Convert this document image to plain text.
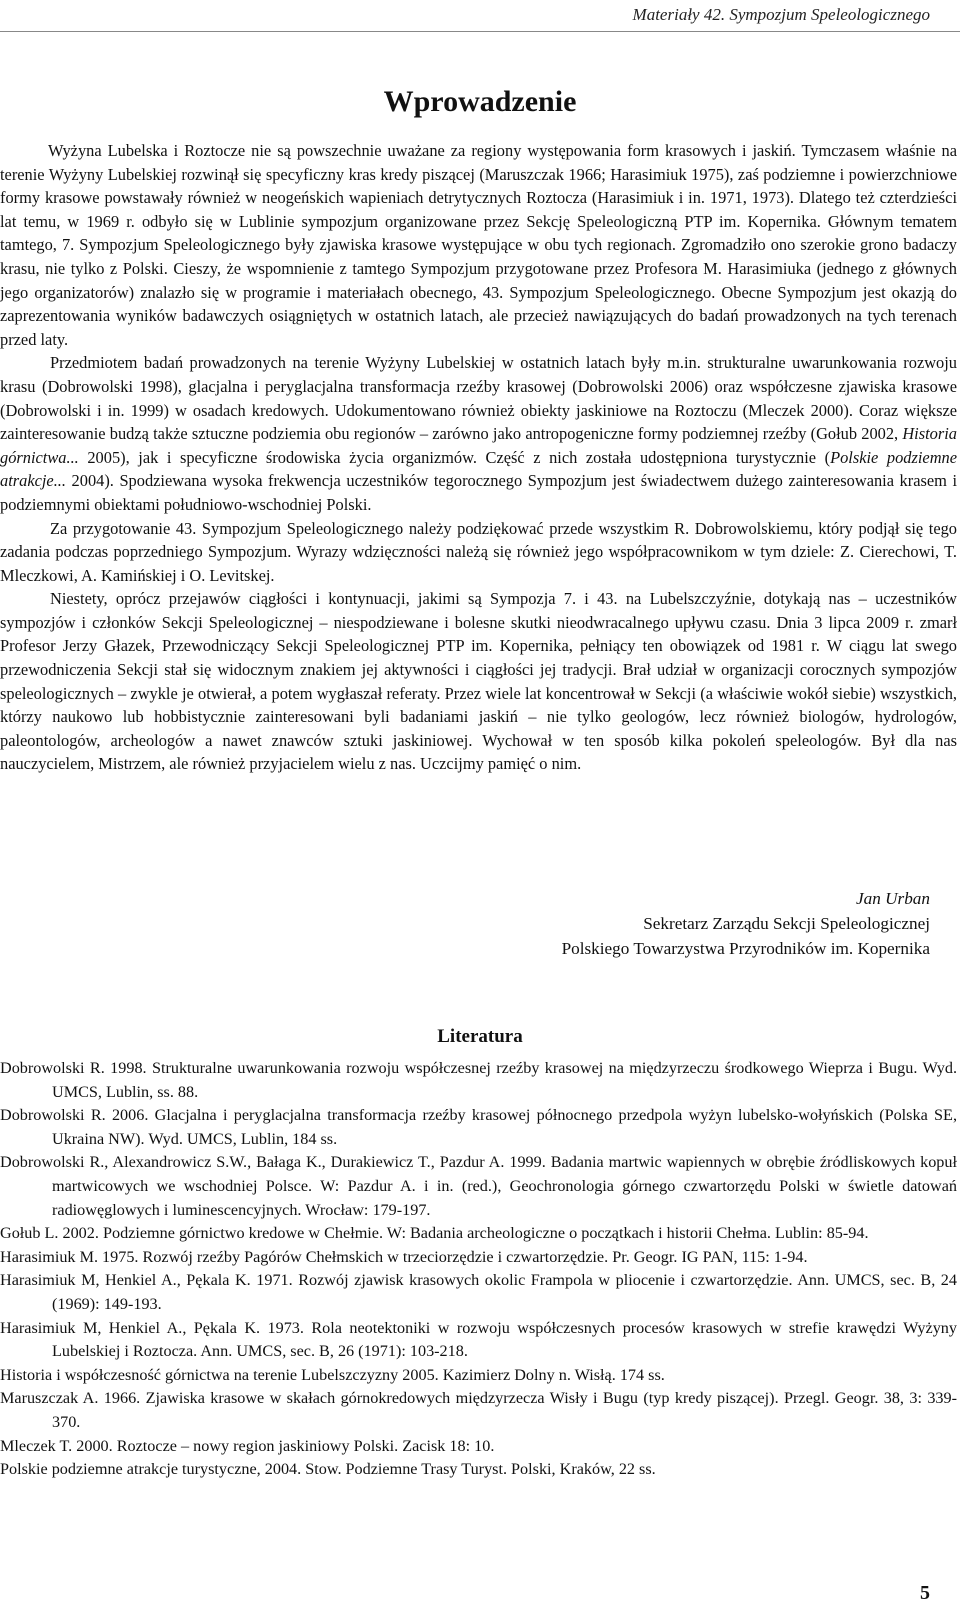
Materiały 42. Sympozjum Speleologicznego
Wprowadzenie

Wyżyna Lubelska i Roztocze nie są powszechnie uważane za regiony występowania form krasowych i jaskiń. Tymczasem właśnie na terenie Wyżyny Lubelskiej rozwinął się specyficzny kras kredy piszącej (Maruszczak 1966; Harasimiuk 1975), zaś podziemne i powierzchniowe formy krasowe powstawały również w neogeńskich wapieniach detrytycznych Roztocza (Harasimiuk i in. 1971, 1973). Dlatego też czterdzieści lat temu, w 1969 r. odbyło się w Lublinie sympozjum organizowane przez Sekcję Speleologiczną PTP im. Kopernika. Głównym tematem tamtego, 7. Sympozjum Speleologicznego były zjawiska krasowe występujące w obu tych regionach. Zgromadziło ono szerokie grono badaczy krasu, nie tylko z Polski. Cieszy, że wspomnienie z tamtego Sympozjum przygotowane przez Profesora M. Harasimiuka (jednego z głównych jego organizatorów) znalazło się w programie i materiałach obecnego, 43. Sympozjum Speleologicznego. Obecne Sympozjum jest okazją do zaprezentowania wyników badawczych osiągniętych w ostatnich latach, ale przecież nawiązujących do badań prowadzonych na tych terenach przed laty.

Przedmiotem badań prowadzonych na terenie Wyżyny Lubelskiej w ostatnich latach były m.in. strukturalne uwarunkowania rozwoju krasu (Dobrowolski 1998), glacjalna i peryglacjalna transformacja rzeźby krasowej (Dobrowolski 2006) oraz współczesne zjawiska krasowe (Dobrowolski i in. 1999) w osadach kredowych. Udokumentowano również obiekty jaskiniowe na Roztoczu (Mleczek 2000). Coraz większe zainteresowanie budzą także sztuczne podziemia obu regionów – zarówno jako antropogeniczne formy podziemnej rzeźby (Gołub 2002, Historia górnictwa... 2005), jak i specyficzne środowiska życia organizmów. Część z nich została udostępniona turystycznie (Polskie podziemne atrakcje... 2004). Spodziewana wysoka frekwencja uczestników tegorocznego Sympozjum jest świadectwem dużego zainteresowania krasem i podziemnymi obiektami południowo-wschodniej Polski.

Za przygotowanie 43. Sympozjum Speleologicznego należy podziękować przede wszystkim R. Dobrowolskiemu, który podjął się tego zadania podczas poprzedniego Sympozjum. Wyrazy wdzięczności należą się również jego współpracownikom w tym dziele: Z. Cierechowi, T. Mleczkowi, A. Kamińskiej i O. Levitskej.

Niestety, oprócz przejawów ciągłości i kontynuacji, jakimi są Sympozja 7. i 43. na Lubelszczyźnie, dotykają nas – uczestników sympozjów i członków Sekcji Speleologicznej – niespodziewane i bolesne skutki nieodwracalnego upływu czasu. Dnia 3 lipca 2009 r. zmarł Profesor Jerzy Głazek, Przewodniczący Sekcji Speleologicznej PTP im. Kopernika, pełniący ten obowiązek od 1981 r. W ciągu lat swego przewodniczenia Sekcji stał się widocznym znakiem jej aktywności i ciągłości jej tradycji. Brał udział w organizacji corocznych sympozjów speleologicznych – zwykle je otwierał, a potem wygłaszał referaty. Przez wiele lat koncentrował w Sekcji (a właściwie wokół siebie) wszystkich, którzy naukowo lub hobbistycznie zainteresowani byli badaniami jaskiń – nie tylko geologów, lecz również biologów, hydrologów, paleontologów, archeologów a nawet znawców sztuki jaskiniowej. Wychował w ten sposób kilka pokoleń speleologów. Był dla nas nauczycielem, Mistrzem, ale również przyjacielem wielu z nas. Uczcijmy pamięć o nim.

Jan Urban
Sekretarz Zarządu Sekcji Speleologicznej
Polskiego Towarzystwa Przyrodników im. Kopernika
Literatura
Dobrowolski R. 1998. Strukturalne uwarunkowania rozwoju współczesnej rzeźby krasowej na międzyrzeczu środkowego Wieprza i Bugu. Wyd. UMCS, Lublin, ss. 88.
Dobrowolski R. 2006. Glacjalna i peryglacjalna transformacja rzeźby krasowej północnego przedpola wyżyn lubelsko-wołyńskich (Polska SE, Ukraina NW). Wyd. UMCS, Lublin, 184 ss.
Dobrowolski R., Alexandrowicz S.W., Bałaga K., Durakiewicz T., Pazdur A. 1999. Badania martwic wapiennych w obrębie źródliskowych kopuł martwicowych we wschodniej Polsce. W: Pazdur A. i in. (red.), Geochronologia górnego czwartorzędu Polski w świetle datowań radiowęglowych i luminescencyjnych. Wrocław: 179-197.
Gołub L. 2002. Podziemne górnictwo kredowe w Chełmie. W: Badania archeologiczne o początkach i historii Chełma. Lublin: 85-94.
Harasimiuk M. 1975. Rozwój rzeźby Pagórów Chełmskich w trzeciorzędzie i czwartorzędzie. Pr. Geogr. IG PAN, 115: 1-94.
Harasimiuk M, Henkiel A., Pękala K. 1971. Rozwój zjawisk krasowych okolic Frampola w pliocenie i czwartorzędzie. Ann. UMCS, sec. B, 24 (1969): 149-193.
Harasimiuk M, Henkiel A., Pękala K. 1973. Rola neotektoniki w rozwoju współczesnych procesów krasowych w strefie krawędzi Wyżyny Lubelskiej i Roztocza. Ann. UMCS, sec. B, 26 (1971): 103-218.
Historia i współczesność górnictwa na terenie Lubelszczyzny 2005. Kazimierz Dolny n. Wisłą. 174 ss.
Maruszczak A. 1966. Zjawiska krasowe w skałach górnokredowych międzyrzecza Wisły i Bugu (typ kredy piszącej). Przegl. Geogr. 38, 3: 339-370.
Mleczek T. 2000. Roztocze – nowy region jaskiniowy Polski. Zacisk 18: 10.
Polskie podziemne atrakcje turystyczne, 2004. Stow. Podziemne Trasy Turyst. Polski, Kraków, 22 ss.
5
